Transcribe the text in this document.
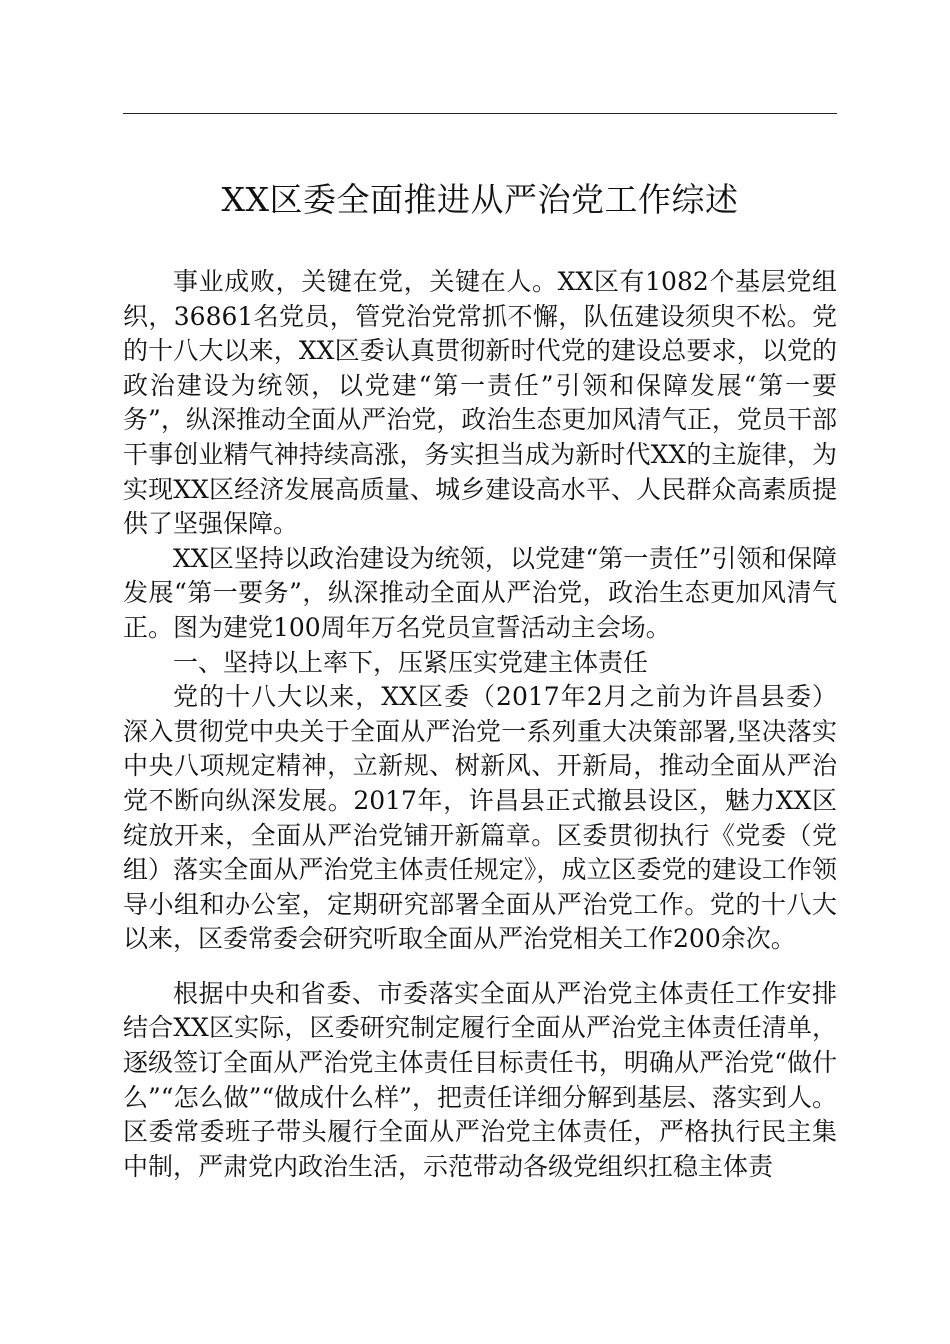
XX区委全面推进从严治党工作综述

事业成败，关键在党，关键在人。XX区有1082个基层党组织，36861名党员，管党治党常抓不懈，队伍建设须臾不松。党的十八大以来，XX区委认真贯彻新时代党的建设总要求，以党的政治建设为统领，以党建“第一责任”引领和保障发展“第一要务”，纵深推动全面从严治党，政治生态更加风清气正，党员干部干事创业精气神持续高涨，务实担当成为新时代XX的主旋律，为实现XX区经济发展高质量、城乡建设高水平、人民群众高素质提供了坚强保障。

XX区坚持以政治建设为统领，以党建“第一责任”引领和保障发展“第一要务”，纵深推动全面从严治党，政治生态更加风清气正。图为建党100周年万名党员宣誓活动主会场。

一、坚持以上率下，压紧压实党建主体责任

党的十八大以来，XX区委（2017年2月之前为许昌县委）深入贯彻党中央关于全面从严治党一系列重大决策部署,坚决落实中央八项规定精神，立新规、树新风、开新局，推动全面从严治党不断向纵深发展。2017年，许昌县正式撤县设区，魅力XX区绽放开来，全面从严治党铺开新篇章。区委贯彻执行《党委（党组）落实全面从严治党主体责任规定》，成立区委党的建设工作领导小组和办公室，定期研究部署全面从严治党工作。党的十八大以来，区委常委会研究听取全面从严治党相关工作200余次。

根据中央和省委、市委落实全面从严治党主体责任工作安排结合XX区实际，区委研究制定履行全面从严治党主体责任清单，逐级签订全面从严治党主体责任目标责任书，明确从严治党“做什么”“怎么做”“做成什么样”，把责任详细分解到基层、落实到人。区委常委班子带头履行全面从严治党主体责任，严格执行民主集中制，严肃党内政治生活，示范带动各级党组织扛稳主体责
